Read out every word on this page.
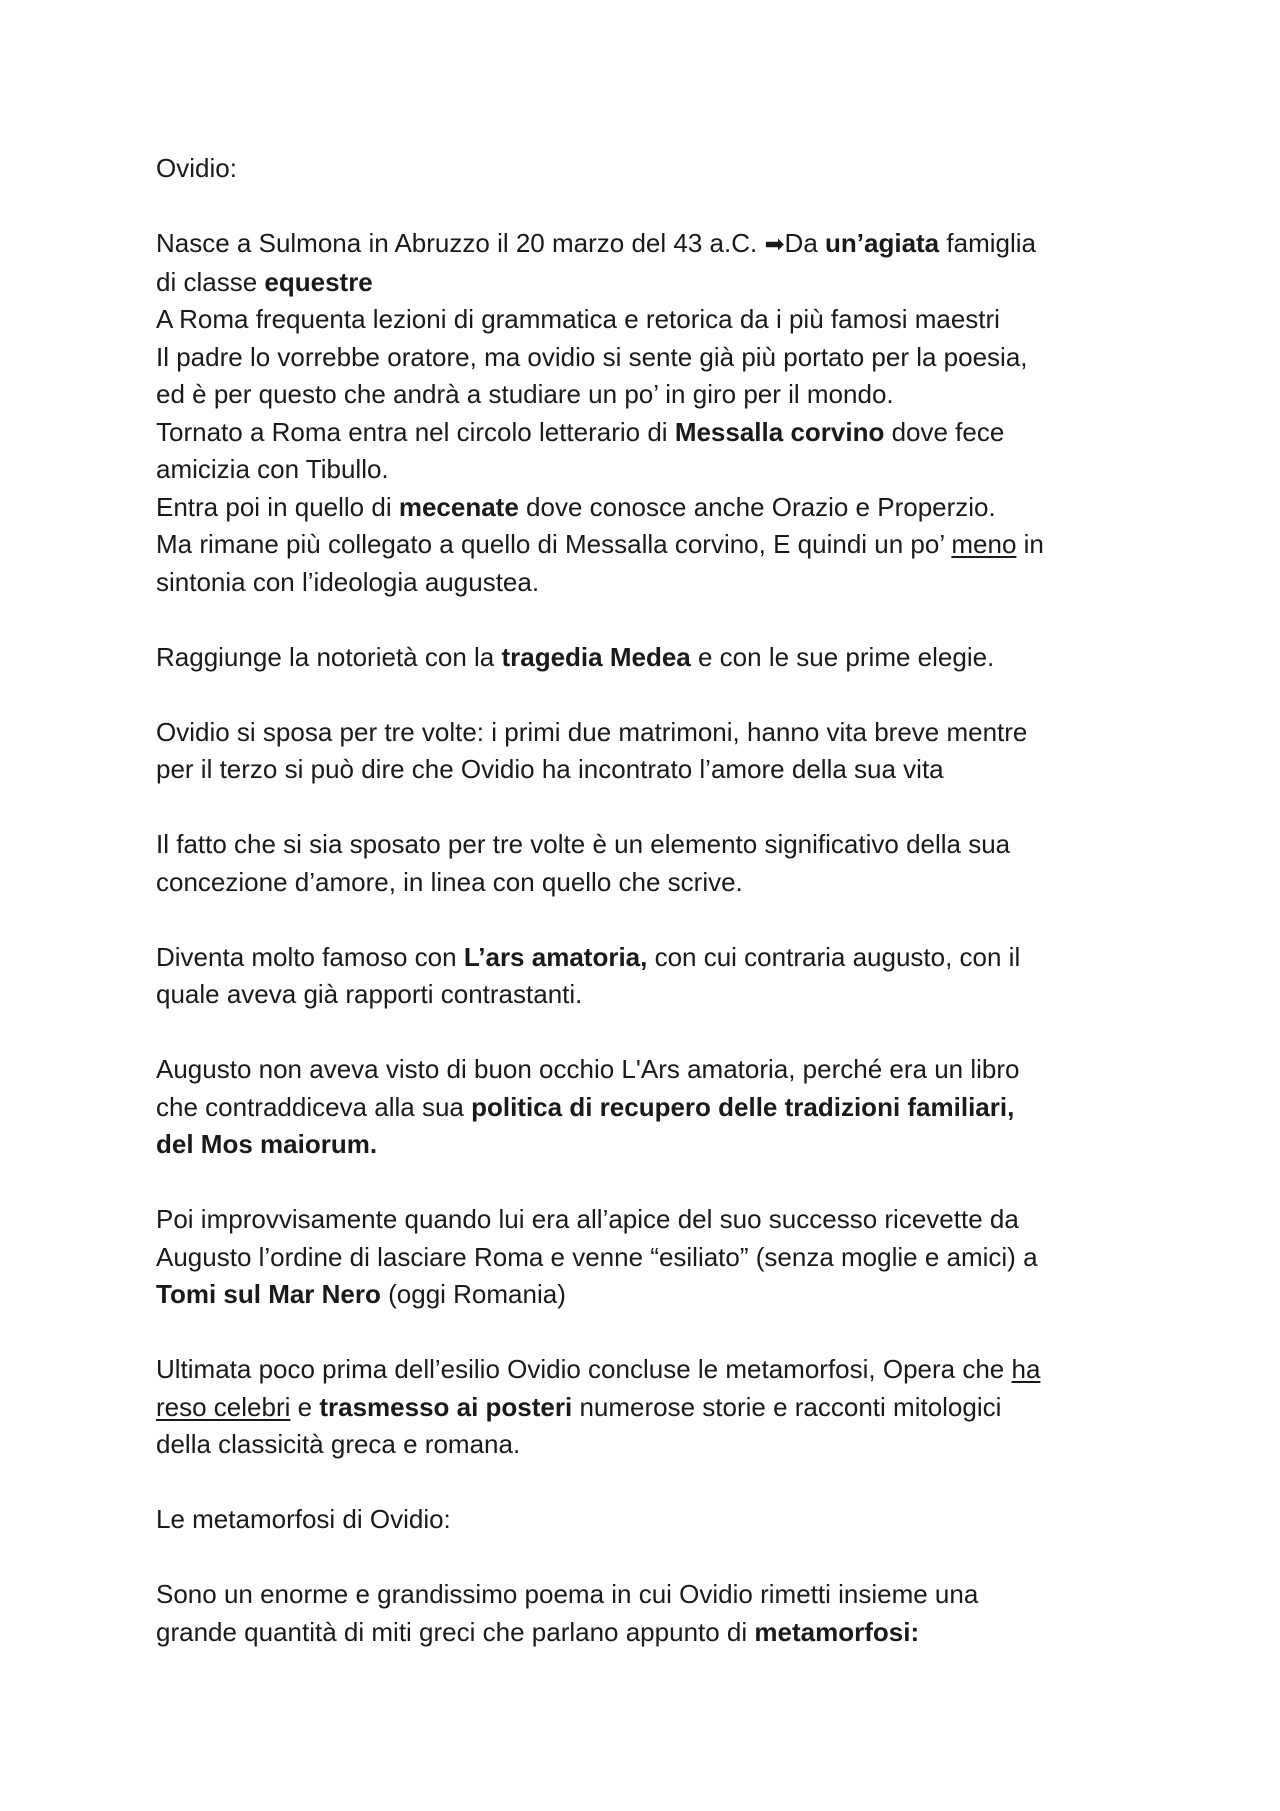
Ovidio:

Nasce a Sulmona in Abruzzo il 20 marzo del 43 a.C. ➡Da un’agiata famiglia
di classe equestre
A Roma frequenta lezioni di grammatica e retorica da i più famosi maestri
Il padre lo vorrebbe oratore, ma ovidio si sente già più portato per la poesia,
ed è per questo che andrà a studiare un po’ in giro per il mondo.
Tornato a Roma entra nel circolo letterario di Messalla corvino dove fece
amicizia con Tibullo.
Entra poi in quello di mecenate dove conosce anche Orazio e Properzio.
Ma rimane più collegato a quello di Messalla corvino, E quindi un po’ meno in
sintonia con l’ideologia augustea.

Raggiunge la notorietà con la tragedia Medea e con le sue prime elegie.

Ovidio si sposa per tre volte: i primi due matrimoni, hanno vita breve mentre
per il terzo si può dire che Ovidio ha incontrato l’amore della sua vita

Il fatto che si sia sposato per tre volte è un elemento significativo della sua
concezione d’amore, in linea con quello che scrive.

Diventa molto famoso con L’ars amatoria, con cui contraria augusto, con il
quale aveva già rapporti contrastanti.

Augusto non aveva visto di buon occhio L'Ars amatoria, perché era un libro
che contraddiceva alla sua politica di recupero delle tradizioni familiari,
del Mos maiorum.

Poi improvvisamente quando lui era all’apice del suo successo ricevette da
Augusto l’ordine di lasciare Roma e venne “esiliato” (senza moglie e amici) a
Tomi sul Mar Nero (oggi Romania)

Ultimata poco prima dell’esilio Ovidio concluse le metamorfosi, Opera che ha
reso celebri e trasmesso ai posteri numerose storie e racconti mitologici
della classicità greca e romana.

Le metamorfosi di Ovidio:

Sono un enorme e grandissimo poema in cui Ovidio rimetti insieme una
grande quantità di miti greci che parlano appunto di metamorfosi:
